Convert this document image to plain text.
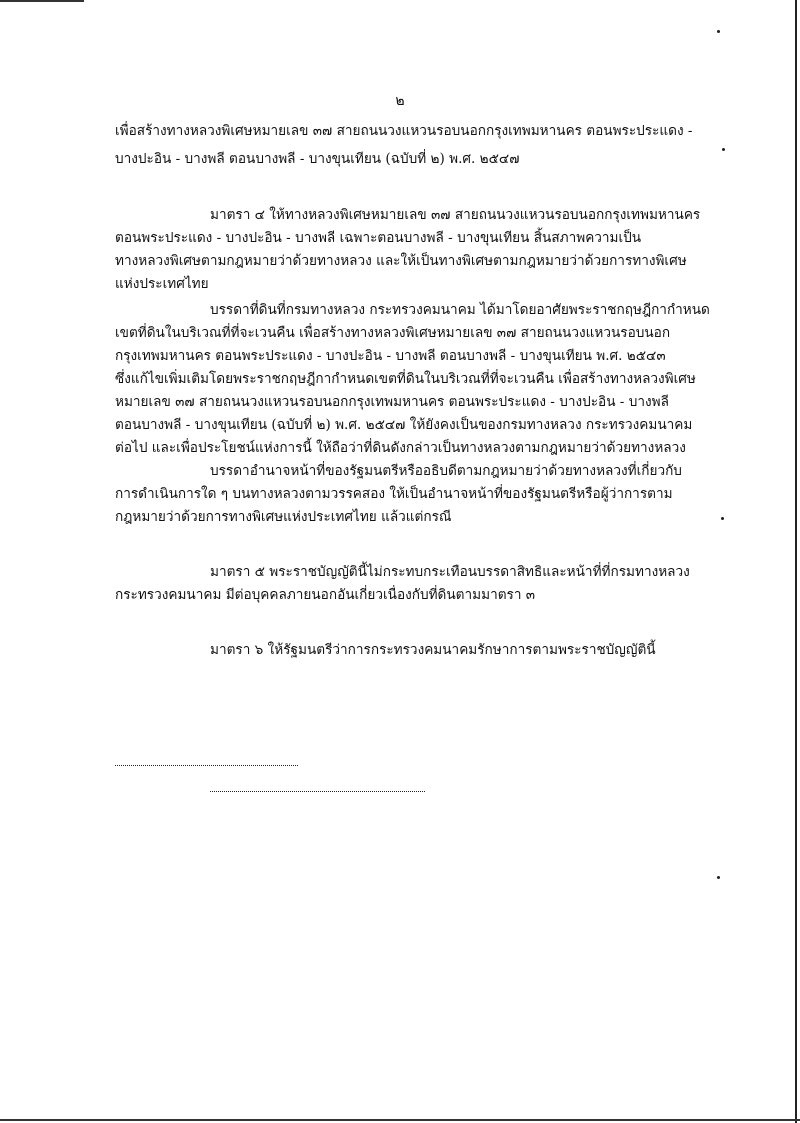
๒
เพื่อสร้างทางหลวงพิเศษหมายเลข ๓๗ สายถนนวงแหวนรอบนอกกรุงเทพมหานคร ตอนพระประแดง -
บางปะอิน - บางพลี ตอนบางพลี - บางขุนเทียน (ฉบับที่ ๒) พ.ศ. ๒๕๔๗
มาตรา ๔ ให้ทางหลวงพิเศษหมายเลข ๓๗ สายถนนวงแหวนรอบนอกกรุงเทพมหานคร
ตอนพระประแดง - บางปะอิน - บางพลี เฉพาะตอนบางพลี - บางขุนเทียน สิ้นสภาพความเป็น
ทางหลวงพิเศษตามกฎหมายว่าด้วยทางหลวง และให้เป็นทางพิเศษตามกฎหมายว่าด้วยการทางพิเศษ
แห่งประเทศไทย
บรรดาที่ดินที่กรมทางหลวง กระทรวงคมนาคม ได้มาโดยอาศัยพระราชกฤษฎีกากำหนด
เขตที่ดินในบริเวณที่ที่จะเวนคืน เพื่อสร้างทางหลวงพิเศษหมายเลข ๓๗ สายถนนวงแหวนรอบนอก
กรุงเทพมหานคร ตอนพระประแดง - บางปะอิน - บางพลี ตอนบางพลี - บางขุนเทียน พ.ศ. ๒๕๔๓
ซึ่งแก้ไขเพิ่มเติมโดยพระราชกฤษฎีกากำหนดเขตที่ดินในบริเวณที่ที่จะเวนคืน เพื่อสร้างทางหลวงพิเศษ
หมายเลข ๓๗ สายถนนวงแหวนรอบนอกกรุงเทพมหานคร ตอนพระประแดง - บางปะอิน - บางพลี
ตอนบางพลี - บางขุนเทียน (ฉบับที่ ๒) พ.ศ. ๒๕๔๗ ให้ยังคงเป็นของกรมทางหลวง กระทรวงคมนาคม
ต่อไป และเพื่อประโยชน์แห่งการนี้ ให้ถือว่าที่ดินดังกล่าวเป็นทางหลวงตามกฎหมายว่าด้วยทางหลวง
บรรดาอำนาจหน้าที่ของรัฐมนตรีหรืออธิบดีตามกฎหมายว่าด้วยทางหลวงที่เกี่ยวกับ
การดำเนินการใด ๆ บนทางหลวงตามวรรคสอง ให้เป็นอำนาจหน้าที่ของรัฐมนตรีหรือผู้ว่าการตาม
กฎหมายว่าด้วยการทางพิเศษแห่งประเทศไทย แล้วแต่กรณี
มาตรา ๕ พระราชบัญญัตินี้ไม่กระทบกระเทือนบรรดาสิทธิและหน้าที่ที่กรมทางหลวง
กระทรวงคมนาคม มีต่อบุคคลภายนอกอันเกี่ยวเนื่องกับที่ดินตามมาตรา ๓
มาตรา ๖ ให้รัฐมนตรีว่าการกระทรวงคมนาคมรักษาการตามพระราชบัญญัตินี้
